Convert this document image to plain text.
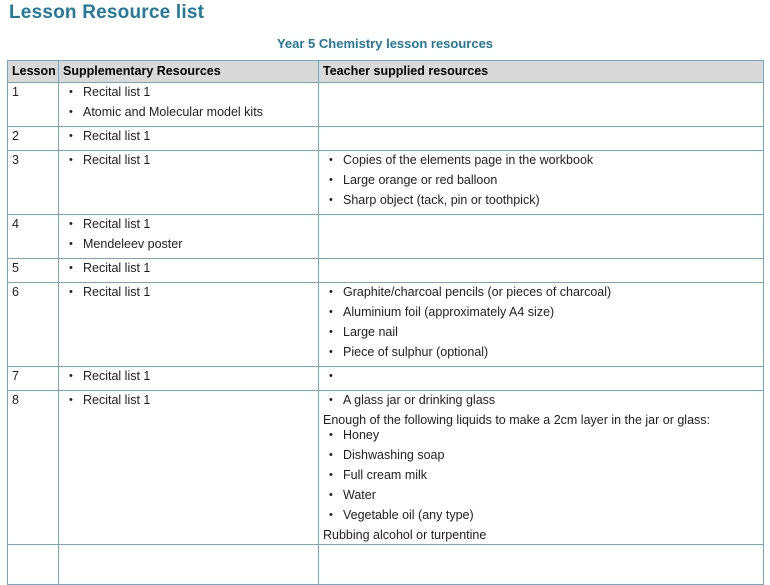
Lesson Resource list
Year 5 Chemistry lesson resources
Lesson	Supplementary Resources	Teacher supplied resources

1	• Recital list 1
• Atomic and Molecular model kits	

2	• Recital list 1	

3	• Recital list 1	• Copies of the elements page in the workbook
• Large orange or red balloon
• Sharp object (tack, pin or toothpick)

4	• Recital list 1
• Mendeleev poster	

5	• Recital list 1	

6	• Recital list 1	• Graphite/charcoal pencils (or pieces of charcoal)
• Aluminium foil (approximately A4 size)
• Large nail
• Piece of sulphur (optional)

7	• Recital list 1	•

8	• Recital list 1	• A glass jar or drinking glass
Enough of the following liquids to make a 2cm layer in the jar or glass:
• Honey
• Dishwashing soap
• Full cream milk
• Water
• Vegetable oil (any type)
Rubbing alcohol or turpentine
